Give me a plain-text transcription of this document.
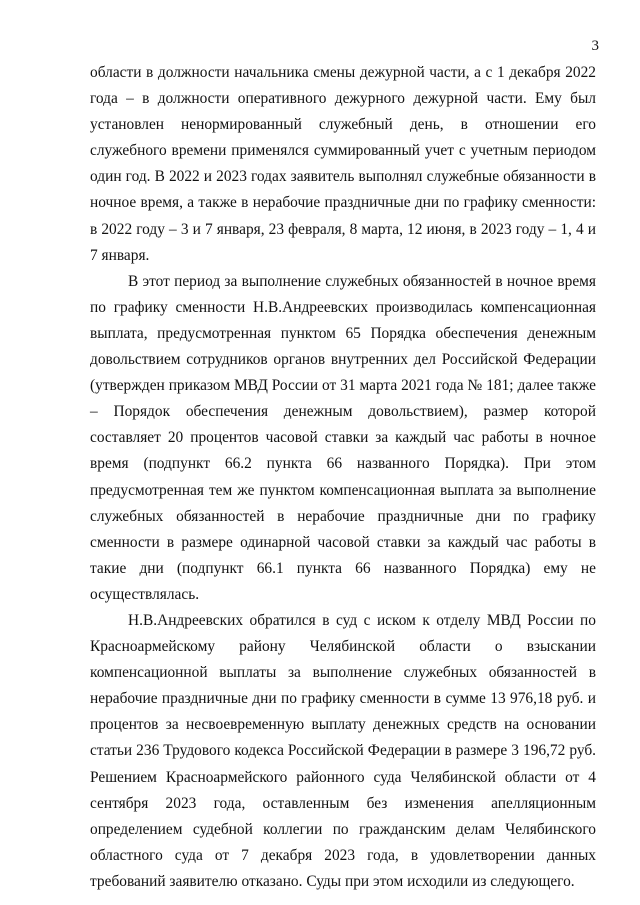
3

области в должности начальника смены дежурной части, а с 1 декабря 2022 года – в должности оперативного дежурного дежурной части. Ему был установлен ненормированный служебный день, в отношении его служебного времени применялся суммированный учет с учетным периодом один год. В 2022 и 2023 годах заявитель выполнял служебные обязанности в ночное время, а также в нерабочие праздничные дни по графику сменности: в 2022 году – 3 и 7 января, 23 февраля, 8 марта, 12 июня, в 2023 году – 1, 4 и 7 января.

В этот период за выполнение служебных обязанностей в ночное время по графику сменности Н.В.Андреевских производилась компенсационная выплата, предусмотренная пунктом 65 Порядка обеспечения денежным довольствием сотрудников органов внутренних дел Российской Федерации (утвержден приказом МВД России от 31 марта 2021 года № 181; далее также – Порядок обеспечения денежным довольствием), размер которой составляет 20 процентов часовой ставки за каждый час работы в ночное время (подпункт 66.2 пункта 66 названного Порядка). При этом предусмотренная тем же пунктом компенсационная выплата за выполнение служебных обязанностей в нерабочие праздничные дни по графику сменности в размере одинарной часовой ставки за каждый час работы в такие дни (подпункт 66.1 пункта 66 названного Порядка) ему не осуществлялась.

Н.В.Андреевских обратился в суд с иском к отделу МВД России по Красноармейскому району Челябинской области о взыскании компенсационной выплаты за выполнение служебных обязанностей в нерабочие праздничные дни по графику сменности в сумме 13 976,18 руб. и процентов за несвоевременную выплату денежных средств на основании статьи 236 Трудового кодекса Российской Федерации в размере 3 196,72 руб. Решением Красноармейского районного суда Челябинской области от 4 сентября 2023 года, оставленным без изменения апелляционным определением судебной коллегии по гражданским делам Челябинского областного суда от 7 декабря 2023 года, в удовлетворении данных требований заявителю отказано. Суды при этом исходили из следующего.
